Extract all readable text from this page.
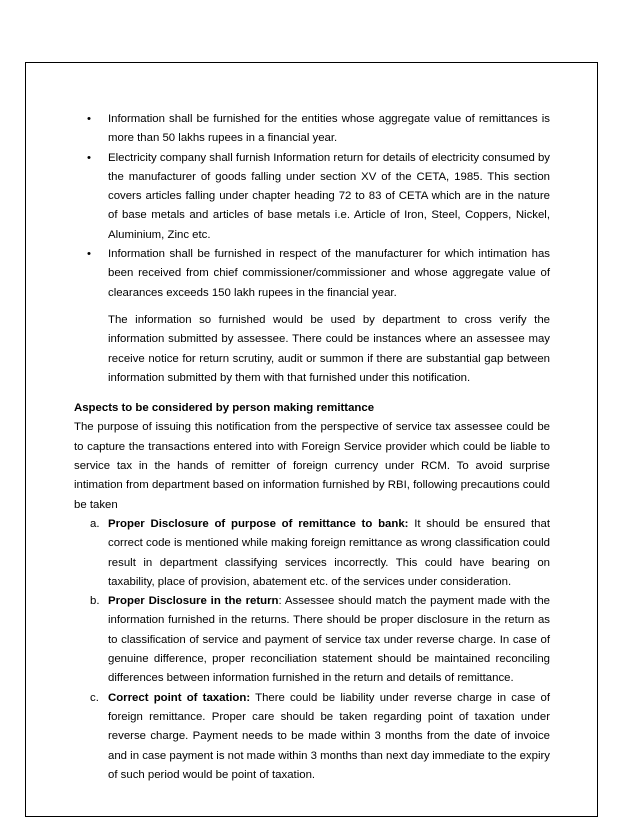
• Information shall be furnished for the entities whose aggregate value of remittances is more than 50 lakhs rupees in a financial year.
• Electricity company shall furnish Information return for details of electricity consumed by the manufacturer of goods falling under section XV of the CETA, 1985. This section covers articles falling under chapter heading 72 to 83 of CETA which are in the nature of base metals and articles of base metals i.e. Article of Iron, Steel, Coppers, Nickel, Aluminium, Zinc etc.
• Information shall be furnished in respect of the manufacturer for which intimation has been received from chief commissioner/commissioner and whose aggregate value of clearances exceeds 150 lakh rupees in the financial year.

The information so furnished would be used by department to cross verify the information submitted by assessee. There could be instances where an assessee may receive notice for return scrutiny, audit or summon if there are substantial gap between information submitted by them with that furnished under this notification.

Aspects to be considered by person making remittance

The purpose of issuing this notification from the perspective of service tax assessee could be to capture the transactions entered into with Foreign Service provider which could be liable to service tax in the hands of remitter of foreign currency under RCM. To avoid surprise intimation from department based on information furnished by RBI, following precautions could be taken

a. Proper Disclosure of purpose of remittance to bank: It should be ensured that correct code is mentioned while making foreign remittance as wrong classification could result in department classifying services incorrectly. This could have bearing on taxability, place of provision, abatement etc. of the services under consideration.
b. Proper Disclosure in the return: Assessee should match the payment made with the information furnished in the returns. There should be proper disclosure in the return as to classification of service and payment of service tax under reverse charge. In case of genuine difference, proper reconciliation statement should be maintained reconciling differences between information furnished in the return and details of remittance.
c. Correct point of taxation: There could be liability under reverse charge in case of foreign remittance. Proper care should be taken regarding point of taxation under reverse charge. Payment needs to be made within 3 months from the date of invoice and in case payment is not made within 3 months than next day immediate to the expiry of such period would be point of taxation.
